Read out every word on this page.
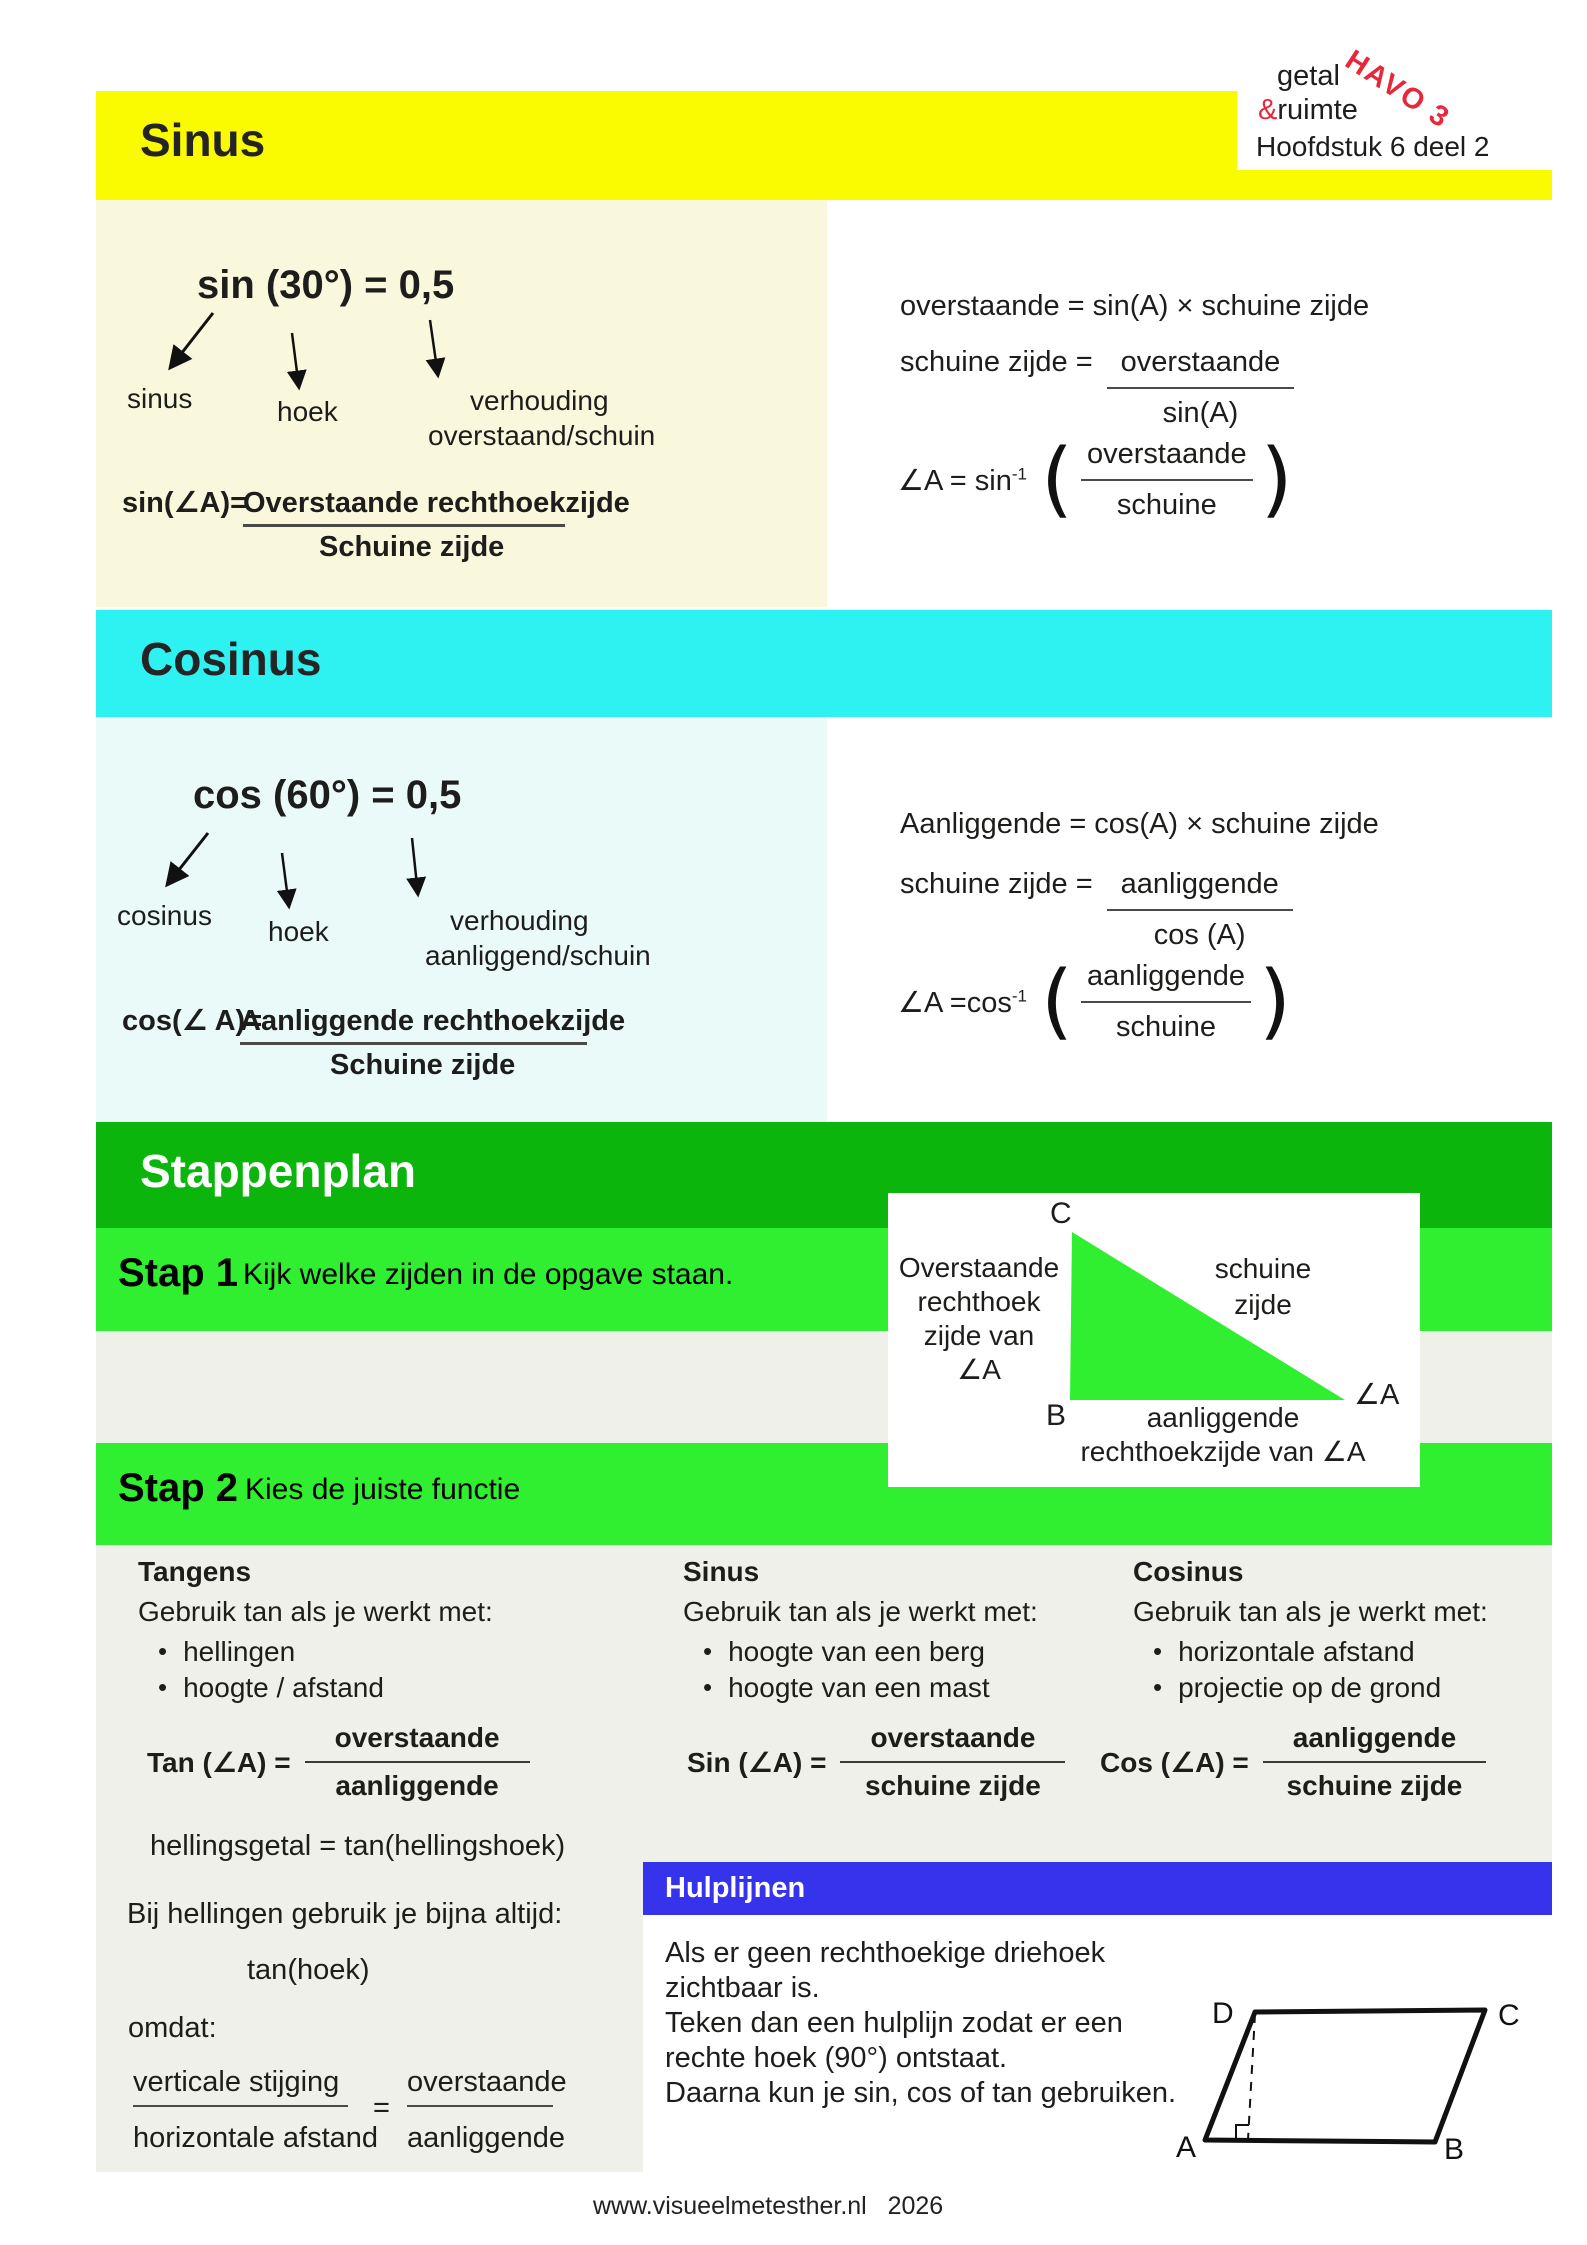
Sinus
getal
&ruimte
HAVO 3
Hoofdstuk 6 deel 2
sin (30°) = 0,5
sinus	hoek	verhouding
overstaand/schuin
sin(∠A)=
Overstaande rechthoekzijde
Schuine zijde
overstaande = sin(A) × schuine zijde
schuine zijde = $\frac{\text{overstaande}}{\sin(A)}$
∠A = $\sin^{-1}$ ( $\frac{\text{overstaande}}{\text{schuine}}$ )
Cosinus
cos (60°) = 0,5
cosinus
hoek	verhouding
aanliggend/schuin
cos(∠ A)=
Aanliggende rechthoekzijde
Schuine zijde
Aanliggende = cos(A) × schuine zijde
schuine zijde = $\frac{\text{aanliggende}}{\cos (A)}$
∠A $=\cos^{-1}$ ( $\frac{\text{aanliggende}}{\text{schuine}}$ )
Stappenplan
Stap 1 Kijk welke zijden in de opgave staan.
Stap 2 Kies de juiste functie
C
B
∠A
Overstaande
rechthoek
zijde van
∠A
schuine
zijde
aanliggende
rechthoekzijde van ∠A
Tangens
Gebruik tan als je werkt met:
• hellingen
• hoogte / afstand
Tan (∠A) = $\frac{\text{overstaande}}{\text{aanliggende}}$
hellingsgetal = tan(hellingshoek)
Bij hellingen gebruik je bijna altijd:
tan(hoek)
omdat:
verticale stijging
horizontale afstand
=
overstaande
aanliggende
Sinus
Gebruik tan als je werkt met:
• hoogte van een berg
• hoogte van een mast
Sin (∠A) = $\frac{\text{overstaande}}{\text{schuine zijde}}$
Cosinus
Gebruik tan als je werkt met:
• horizontale afstand
• projectie op de grond
Cos (∠A) = $\frac{\text{aanliggende}}{\text{schuine zijde}}$
Hulplijnen
Als er geen rechthoekige driehoek
zichtbaar is.
Teken dan een hulplijn zodat er een
rechte hoek (90°) ontstaat.
Daarna kun je sin, cos of tan gebruiken.
D	C
A	B
www.visueelmetesther.nl   2026
